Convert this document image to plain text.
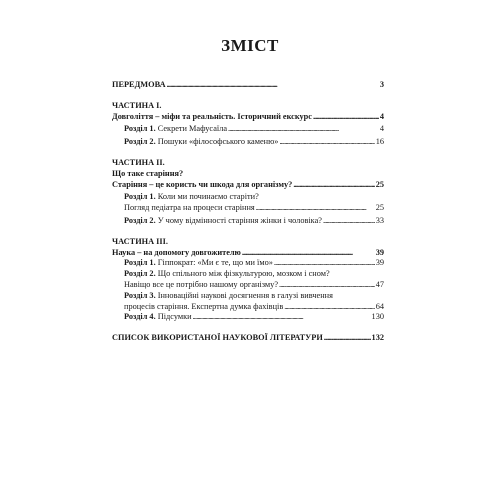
ЗМІСТ
ПЕРЕДМОВА . . .	3
ЧАСТИНА І.
Довголіття – міфи та реальність. Історичний екскурс . . .	4
Розділ 1. Секрети Мафусаїла . . .	4
Розділ 2. Пошуки «філософського каменю» . . .	16
ЧАСТИНА ІІ.
Що таке старіння?
Старіння – це користь чи шкода для організму? . . .	25
Розділ 1. Коли ми починаємо старіти?
Погляд педіатра на процеси старіння . . .	25
Розділ 2. У чому відмінності старіння жінки і чоловіка? . . .	33
ЧАСТИНА ІІІ.
Наука – на допомогу довгожителю . . .	39
Розділ 1. Гіппократ: «Ми є те, що ми їмо» . . .	39
Розділ 2. Що спільного між фізкультурою, мозком і сном?
Навіщо все це потрібно нашому організму? . . .	47
Розділ 3. Інноваційні наукові досягнення в галузі вивчення
процесів старіння. Експертна думка фахівців . . .	64
Розділ 4. Підсумки . . .	130
СПИСОК ВИКОРИСТАНОЇ НАУКОВОЇ ЛІТЕРАТУРИ . . .	132
